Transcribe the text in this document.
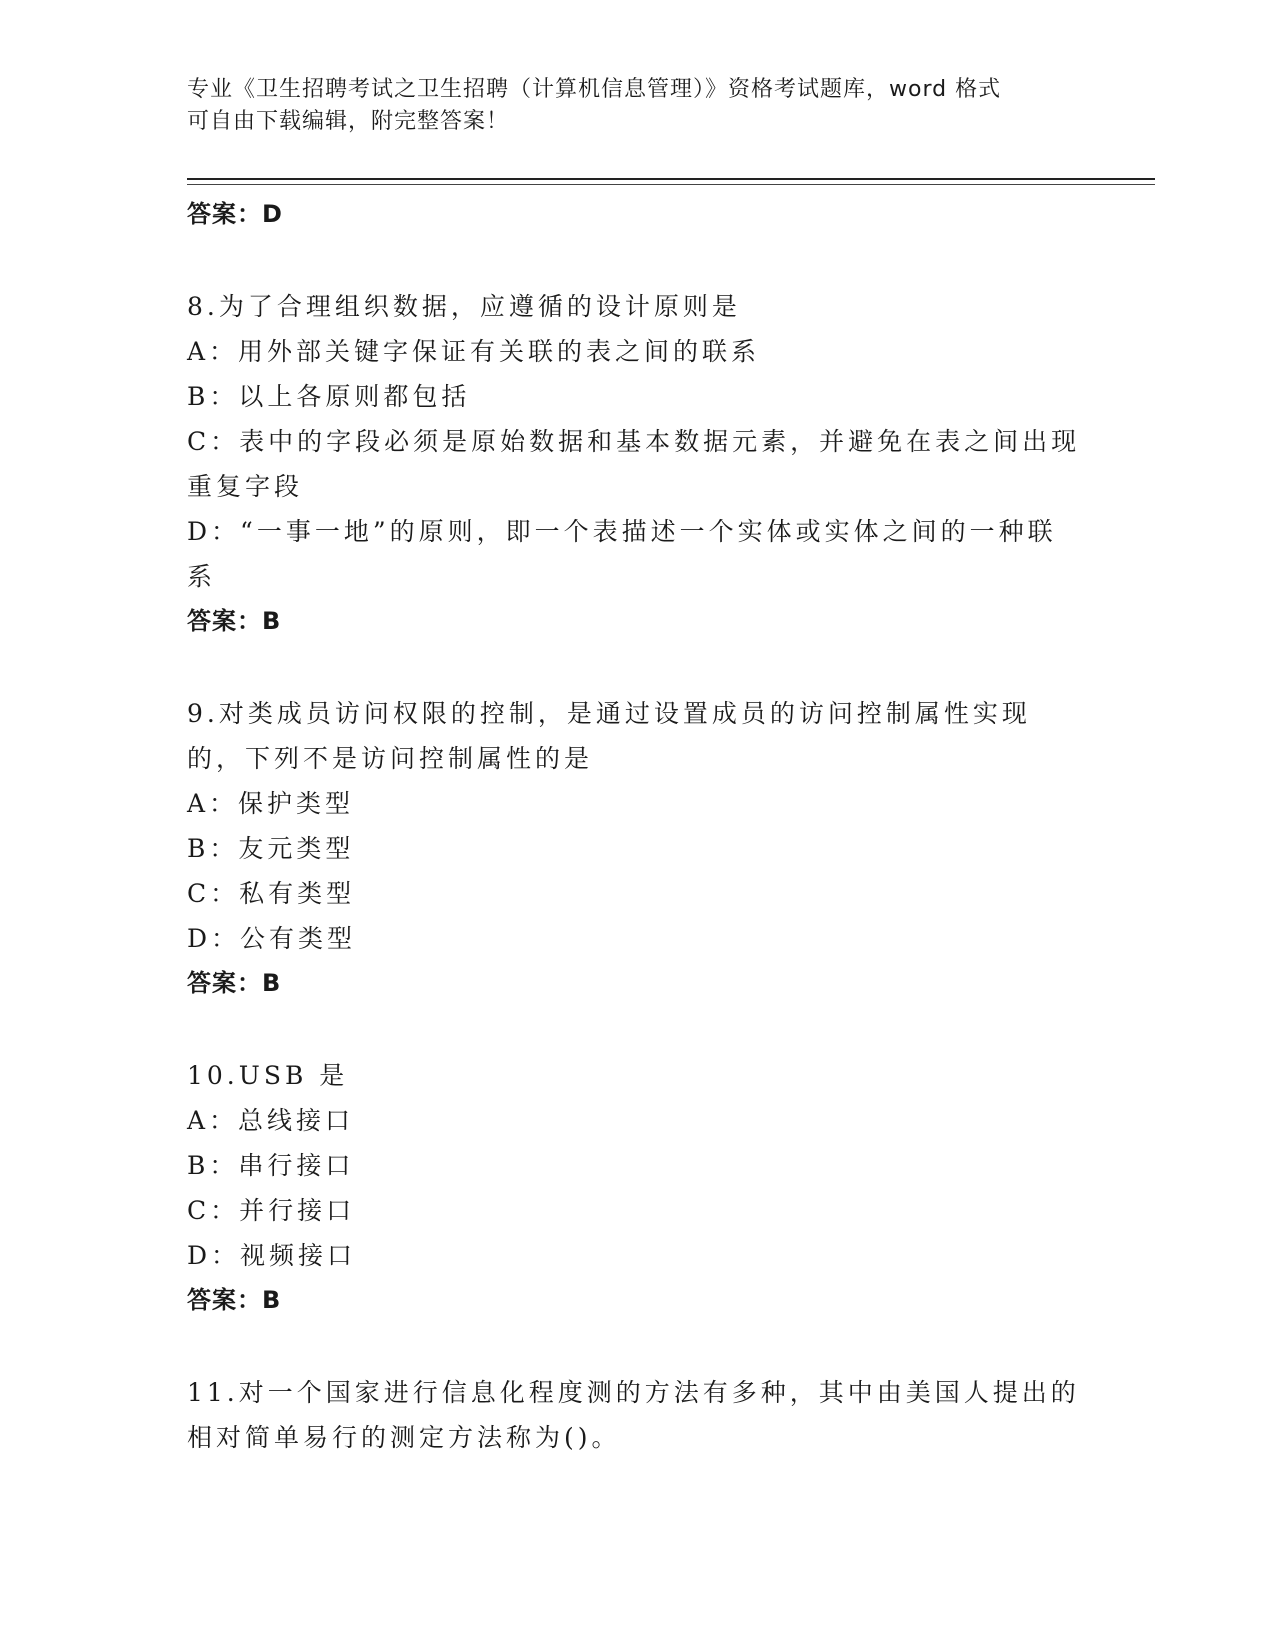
专业《卫生招聘考试之卫生招聘（计算机信息管理）》资格考试题库，word 格式
可自由下载编辑，附完整答案！
答案：D
8.为了合理组织数据，应遵循的设计原则是
A：用外部关键字保证有关联的表之间的联系
B：以上各原则都包括
C：表中的字段必须是原始数据和基本数据元素，并避免在表之间出现重复字段
D：“一事一地”的原则，即一个表描述一个实体或实体之间的一种联系
答案：B
9.对类成员访问权限的控制，是通过设置成员的访问控制属性实现的，下列不是访问控制属性的是
A：保护类型
B：友元类型
C：私有类型
D：公有类型
答案：B
10.USB 是
A：总线接口
B：串行接口
C：并行接口
D：视频接口
答案：B
11.对一个国家进行信息化程度测的方法有多种，其中由美国人提出的相对简单易行的测定方法称为()。
